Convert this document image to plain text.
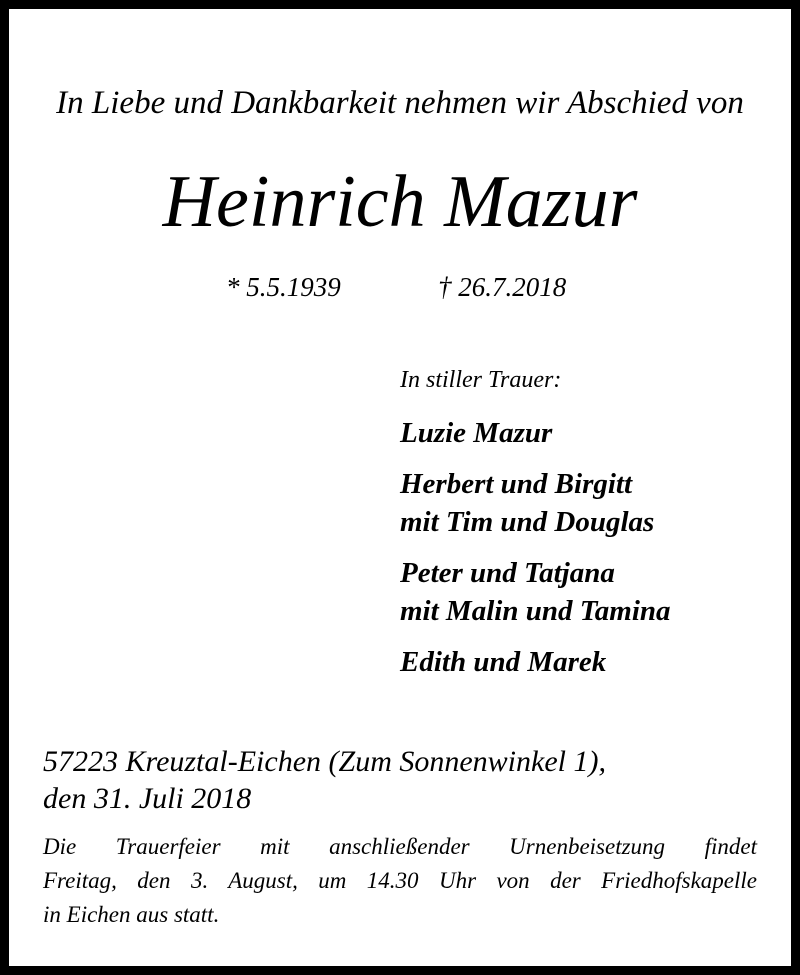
In Liebe und Dankbarkeit nehmen wir Abschied von
Heinrich Mazur
* 5.5.1939	† 26.7.2018
In stiller Trauer:
Luzie Mazur
Herbert und Birgitt
mit Tim und Douglas
Peter und Tatjana
mit Malin und Tamina
Edith und Marek
57223 Kreuztal-Eichen (Zum Sonnenwinkel 1),
den 31. Juli 2018
Die Trauerfeier mit anschließender Urnenbeisetzung findet
Freitag, den 3. August, um 14.30 Uhr von der Friedhofskapelle
in Eichen aus statt.
